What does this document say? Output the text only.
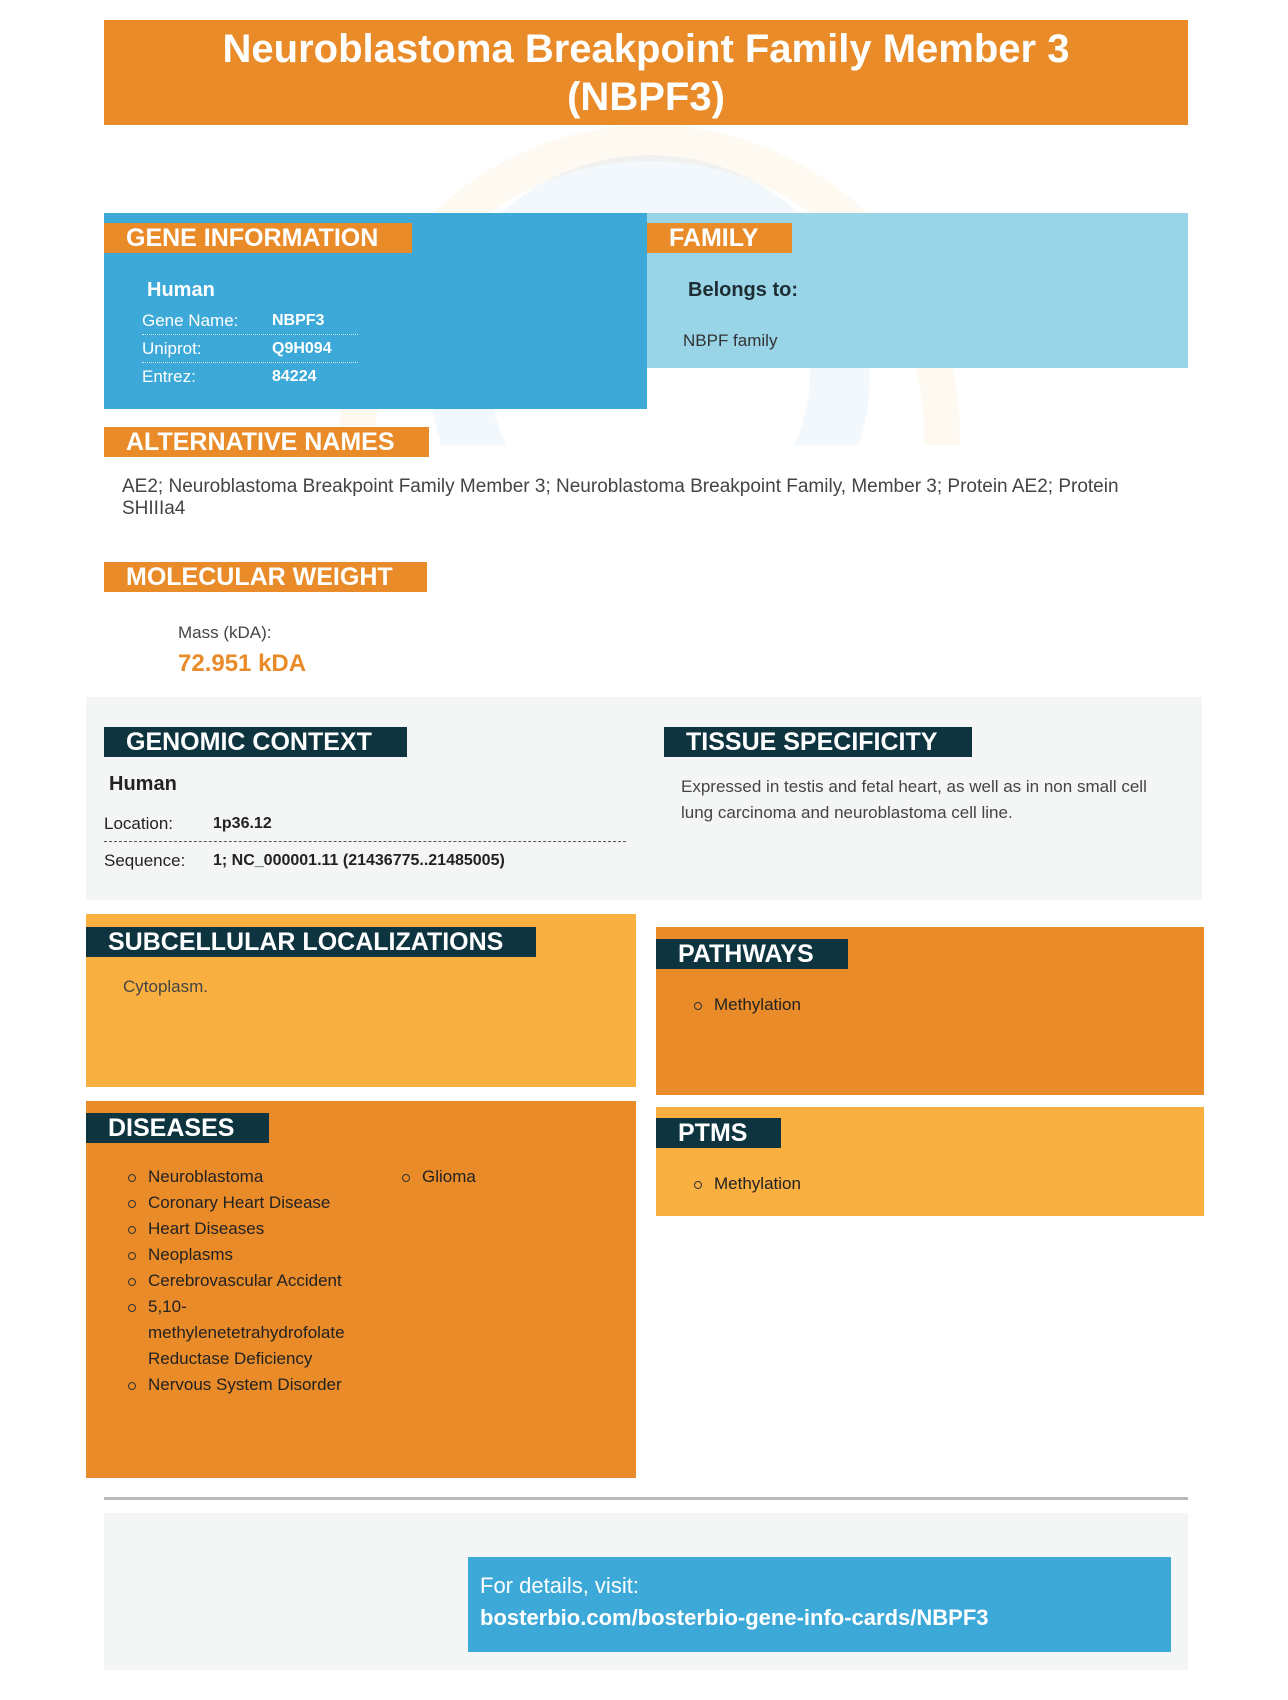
Neuroblastoma Breakpoint Family Member 3 (NBPF3)
GENE INFORMATION
Human
Gene Name:	NBPF3
Uniprot:	Q9H094
Entrez:	84224
FAMILY
Belongs to:
NBPF family
ALTERNATIVE NAMES
AE2; Neuroblastoma Breakpoint Family Member 3; Neuroblastoma Breakpoint Family, Member 3; Protein AE2; Protein SHIIIa4
MOLECULAR WEIGHT
Mass (kDA):
72.951 kDA
GENOMIC CONTEXT
Human
Location:	1p36.12
Sequence:	1; NC_000001.11 (21436775..21485005)
TISSUE SPECIFICITY
Expressed in testis and fetal heart, as well as in non small cell lung carcinoma and neuroblastoma cell line.
SUBCELLULAR LOCALIZATIONS
Cytoplasm.
PATHWAYS
Methylation
DISEASES
Neuroblastoma
Coronary Heart Disease
Heart Diseases
Neoplasms
Cerebrovascular Accident
5,10-methylenetetrahydrofolate Reductase Deficiency
Nervous System Disorder
Glioma
PTMS
Methylation
For details, visit:
bosterbio.com/bosterbio-gene-info-cards/NBPF3
